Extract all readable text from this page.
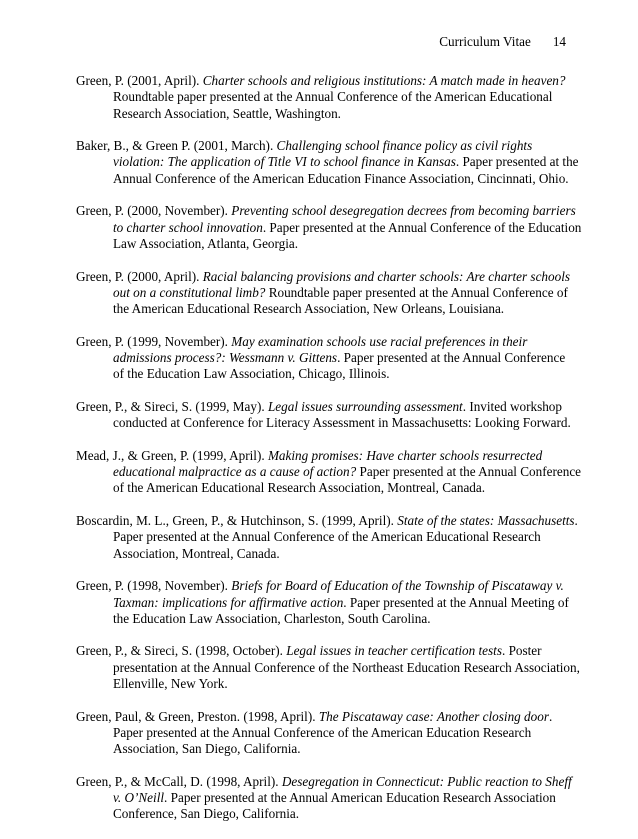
Curriculum Vitae 14
Green, P. (2001, April). Charter schools and religious institutions: A match made in heaven?
Roundtable paper presented at the Annual Conference of the American Educational
Research Association, Seattle, Washington.
Baker, B., & Green P. (2001, March). Challenging school finance policy as civil rights
violation: The application of Title VI to school finance in Kansas. Paper presented at the
Annual Conference of the American Education Finance Association, Cincinnati, Ohio.
Green, P. (2000, November). Preventing school desegregation decrees from becoming barriers
to charter school innovation. Paper presented at the Annual Conference of the Education
Law Association, Atlanta, Georgia.
Green, P. (2000, April). Racial balancing provisions and charter schools: Are charter schools
out on a constitutional limb? Roundtable paper presented at the Annual Conference of
the American Educational Research Association, New Orleans, Louisiana.
Green, P. (1999, November). May examination schools use racial preferences in their
admissions process?: Wessmann v. Gittens. Paper presented at the Annual Conference
of the Education Law Association, Chicago, Illinois.
Green, P., & Sireci, S. (1999, May). Legal issues surrounding assessment. Invited workshop
conducted at Conference for Literacy Assessment in Massachusetts: Looking Forward.
Mead, J., & Green, P. (1999, April). Making promises: Have charter schools resurrected
educational malpractice as a cause of action? Paper presented at the Annual Conference
of the American Educational Research Association, Montreal, Canada.
Boscardin, M. L., Green, P., & Hutchinson, S. (1999, April). State of the states: Massachusetts.
Paper presented at the Annual Conference of the American Educational Research
Association, Montreal, Canada.
Green, P. (1998, November). Briefs for Board of Education of the Township of Piscataway v.
Taxman: implications for affirmative action. Paper presented at the Annual Meeting of
the Education Law Association, Charleston, South Carolina.
Green, P., & Sireci, S. (1998, October). Legal issues in teacher certification tests. Poster
presentation at the Annual Conference of the Northeast Education Research Association,
Ellenville, New York.
Green, Paul, & Green, Preston. (1998, April). The Piscataway case: Another closing door.
Paper presented at the Annual Conference of the American Education Research
Association, San Diego, California.
Green, P., & McCall, D. (1998, April). Desegregation in Connecticut: Public reaction to Sheff
v. O’Neill. Paper presented at the Annual American Education Research Association
Conference, San Diego, California.
